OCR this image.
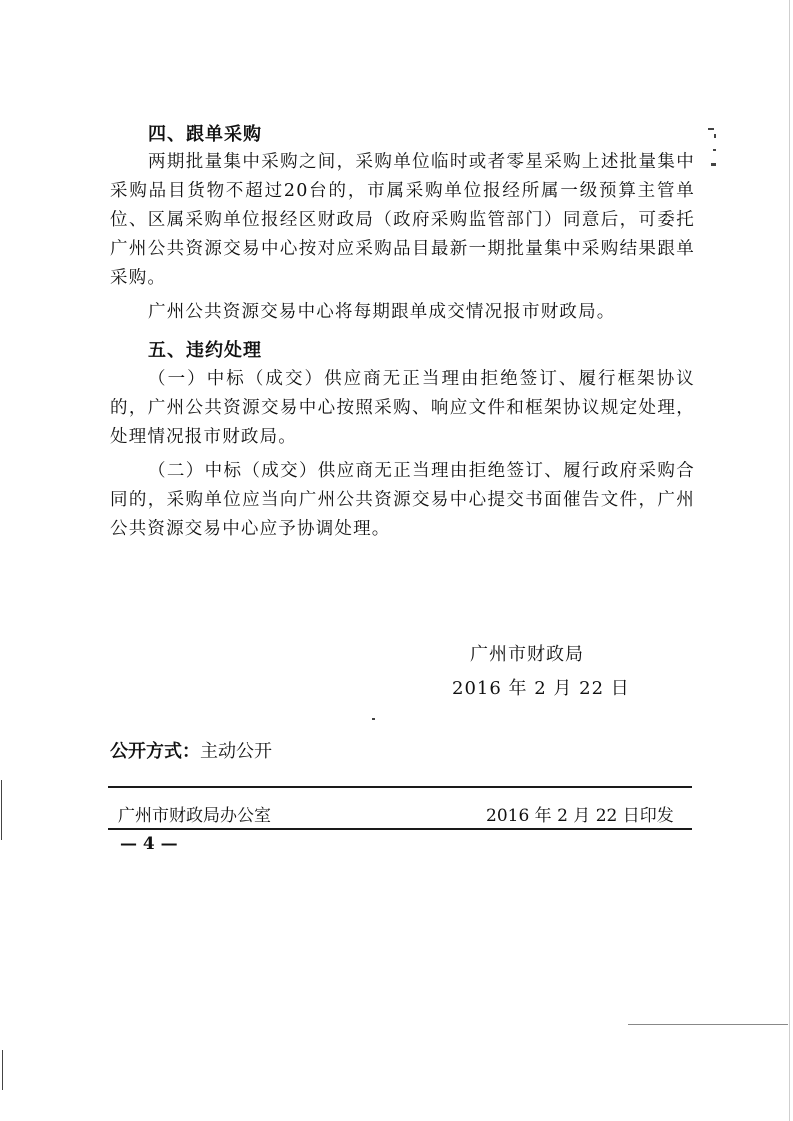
四、跟单采购

两期批量集中采购之间，采购单位临时或者零星采购上述批量集中采购品目货物不超过20台的，市属采购单位报经所属一级预算主管单位、区属采购单位报经区财政局（政府采购监管部门）同意后，可委托广州公共资源交易中心按对应采购品目最新一期批量集中采购结果跟单采购。

广州公共资源交易中心将每期跟单成交情况报市财政局。

五、违约处理

（一）中标（成交）供应商无正当理由拒绝签订、履行框架协议的，广州公共资源交易中心按照采购、响应文件和框架协议规定处理，处理情况报市财政局。

（二）中标（成交）供应商无正当理由拒绝签订、履行政府采购合同的，采购单位应当向广州公共资源交易中心提交书面催告文件，广州公共资源交易中心应予协调处理。

广州市财政局
2016 年 2 月 22 日
公开方式：主动公开
广州市财政局办公室	2016 年 2 月 22 日印发
— 4 —
